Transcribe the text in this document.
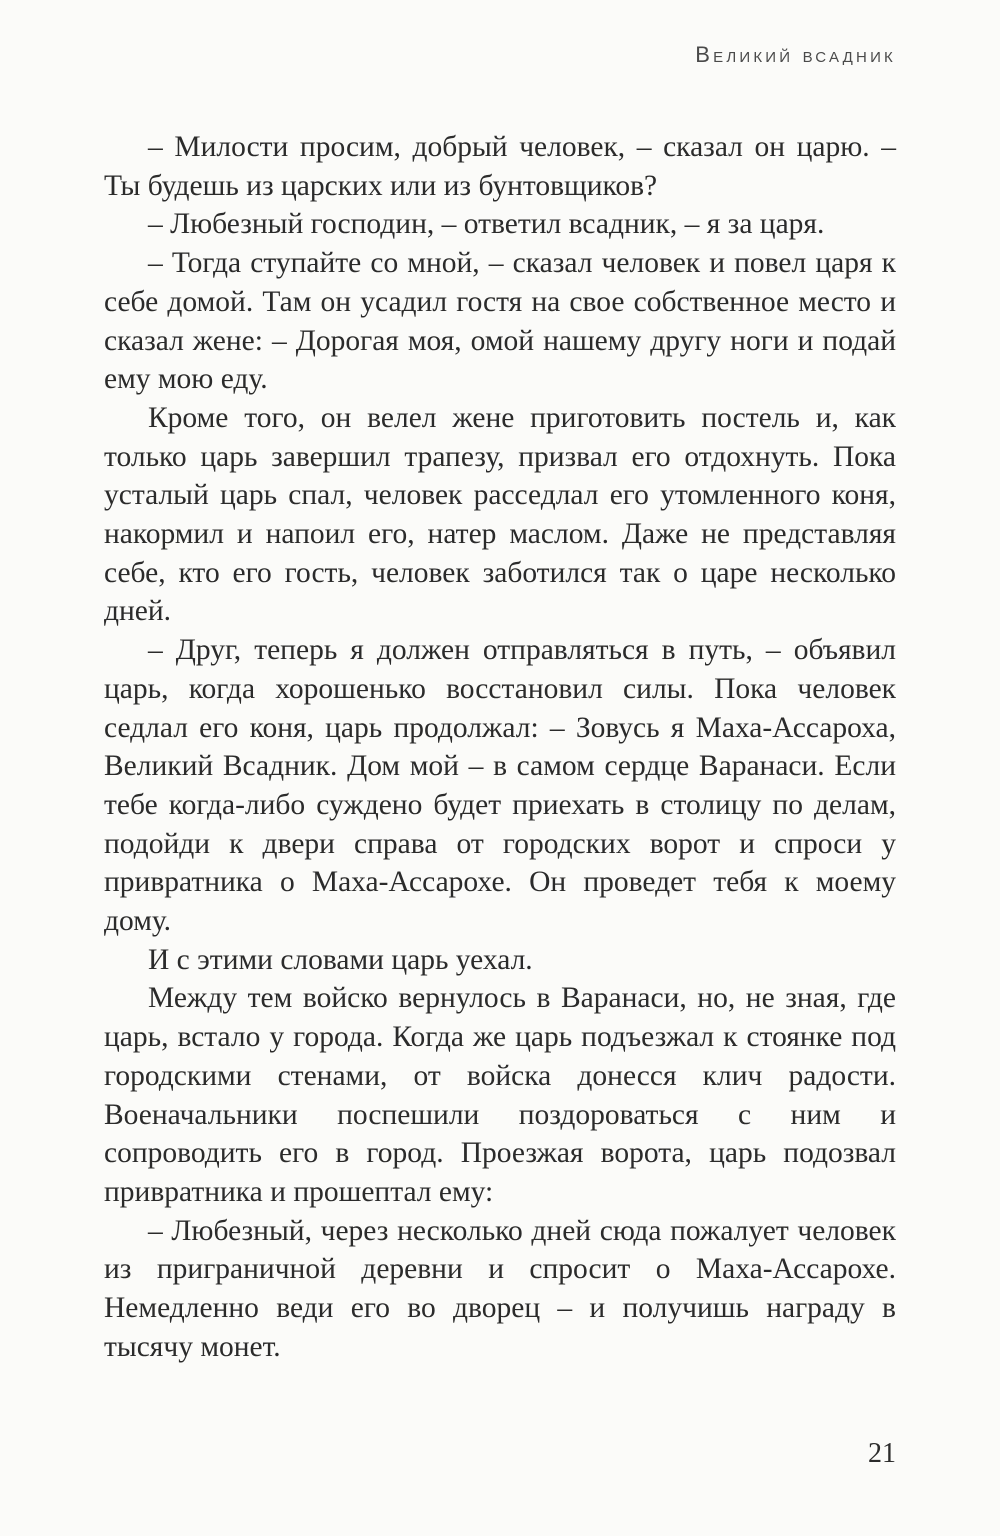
Великий всадник

– Милости просим, добрый человек, – сказал он царю. – Ты будешь из царских или из бунтовщиков?

– Любезный господин, – ответил всадник, – я за царя.

– Тогда ступайте со мной, – сказал человек и повел царя к себе домой. Там он усадил гостя на свое собственное место и сказал жене: – Дорогая моя, омой нашему другу ноги и подай ему мою еду.

Кроме того, он велел жене приготовить постель и, как только царь завершил трапезу, призвал его отдохнуть. Пока усталый царь спал, человек расседлал его утомленного коня, накормил и напоил его, натер маслом. Даже не представляя себе, кто его гость, человек заботился так о царе несколько дней.

– Друг, теперь я должен отправляться в путь, – объявил царь, когда хорошенько восстановил силы. Пока человек седлал его коня, царь продолжал: – Зовусь я Маха-Ассароха, Великий Всадник. Дом мой – в самом сердце Варанаси. Если тебе когда-либо суждено будет приехать в столицу по делам, подойди к двери справа от городских ворот и спроси у привратника о Маха-Ассарохе. Он проведет тебя к моему дому.

И с этими словами царь уехал.

Между тем войско вернулось в Варанаси, но, не зная, где царь, встало у города. Когда же царь подъезжал к стоянке под городскими стенами, от войска донесся клич радости. Военачальники поспешили поздороваться с ним и сопроводить его в город. Проезжая ворота, царь подозвал привратника и прошептал ему:

– Любезный, через несколько дней сюда пожалует человек из приграничной деревни и спросит о Маха-Ассарохе. Немедленно веди его во дворец – и получишь награду в тысячу монет.

21
